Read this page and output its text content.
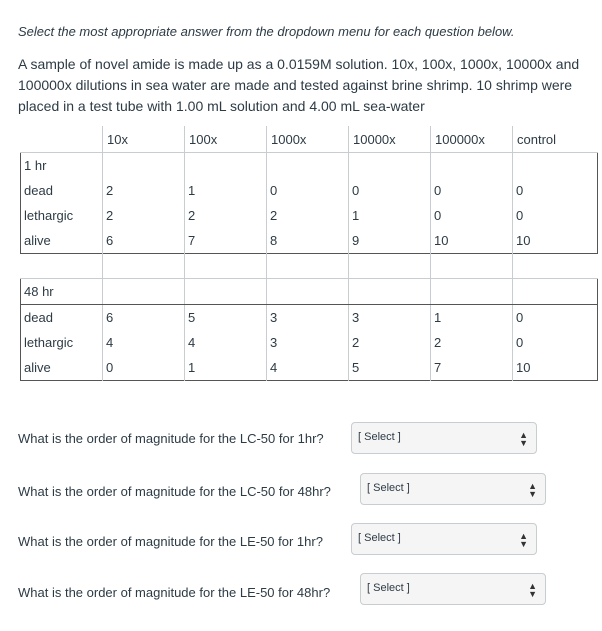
Select the most appropriate answer from the dropdown menu for each question below.
A sample of novel amide is made up as a 0.0159M solution. 10x, 100x, 1000x, 10000x and 100000x dilutions in sea water are made and tested against brine shrimp. 10 shrimp were placed in a test tube with 1.00 mL solution and 4.00 mL sea-water
	10x	100x	1000x	10000x	100000x	control
1 hr						
dead	2	1	0	0	0	0
lethargic	2	2	2	1	0	0
alive	6	7	8	9	10	10

48 hr						
dead	6	5	3	3	1	0
lethargic	4	4	3	2	2	0
alive	0	1	4	5	7	10
What is the order of magnitude for the LC-50 for 1hr?	[ Select ]	▲
▼
What is the order of magnitude for the LC-50 for 48hr?	[ Select ]	▲
▼
What is the order of magnitude for the LE-50 for 1hr?	[ Select ]	▲
▼
What is the order of magnitude for the LE-50 for 48hr?	[ Select ]	▲
▼
